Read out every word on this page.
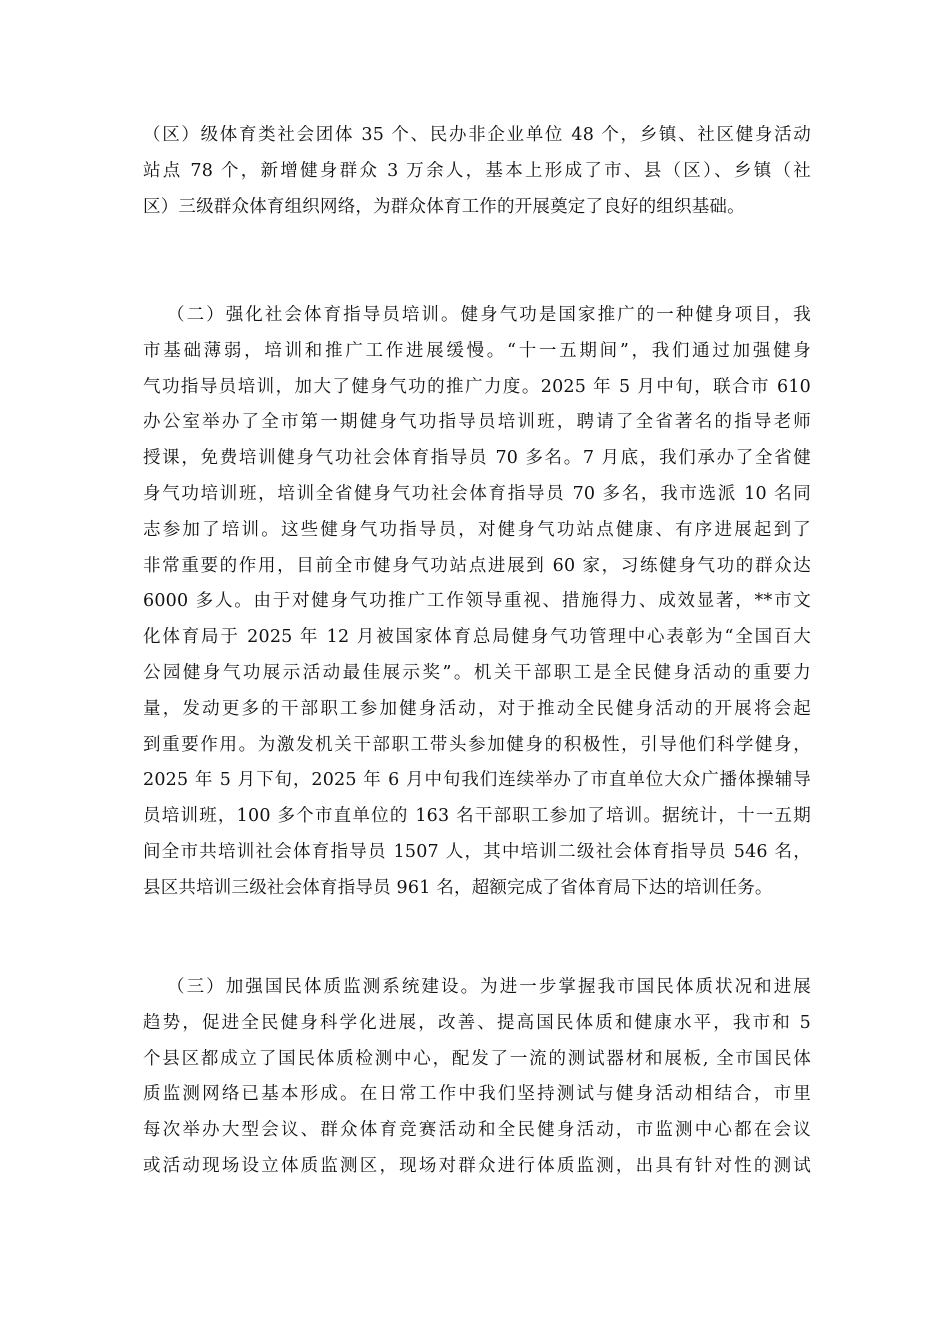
（区）级体育类社会团体 35 个、民办非企业单位 48 个，乡镇、社区健身活动
站点 78 个，新增健身群众 3 万余人，基本上形成了市、县（区）、乡镇（社
区）三级群众体育组织网络，为群众体育工作的开展奠定了良好的组织基础。
（二）强化社会体育指导员培训。健身气功是国家推广的一种健身项目，我
市基础薄弱，培训和推广工作进展缓慢。“十一五期间”，我们通过加强健身
气功指导员培训，加大了健身气功的推广力度。2025 年 5 月中旬，联合市 610
办公室举办了全市第一期健身气功指导员培训班，聘请了全省著名的指导老师
授课，免费培训健身气功社会体育指导员 70 多名。7 月底，我们承办了全省健
身气功培训班，培训全省健身气功社会体育指导员 70 多名，我市选派 10 名同
志参加了培训。这些健身气功指导员，对健身气功站点健康、有序进展起到了
非常重要的作用，目前全市健身气功站点进展到 60 家，习练健身气功的群众达
6000 多人。由于对健身气功推广工作领导重视、措施得力、成效显著，**市文
化体育局于 2025 年 12 月被国家体育总局健身气功管理中心表彰为“全国百大
公园健身气功展示活动最佳展示奖”。机关干部职工是全民健身活动的重要力
量，发动更多的干部职工参加健身活动，对于推动全民健身活动的开展将会起
到重要作用。为激发机关干部职工带头参加健身的积极性，引导他们科学健身，
2025 年 5 月下旬，2025 年 6 月中旬我们连续举办了市直单位大众广播体操辅导
员培训班，100 多个市直单位的 163 名干部职工参加了培训。据统计，十一五期
间全市共培训社会体育指导员 1507 人，其中培训二级社会体育指导员 546 名，
县区共培训三级社会体育指导员 961 名，超额完成了省体育局下达的培训任务。
（三）加强国民体质监测系统建设。为进一步掌握我市国民体质状况和进展
趋势，促进全民健身科学化进展，改善、提高国民体质和健康水平，我市和 5
个县区都成立了国民体质检测中心，配发了一流的测试器材和展板, 全市国民体
质监测网络已基本形成。在日常工作中我们坚持测试与健身活动相结合，市里
每次举办大型会议、群众体育竞赛活动和全民健身活动，市监测中心都在会议
或活动现场设立体质监测区，现场对群众进行体质监测，出具有针对性的测试
